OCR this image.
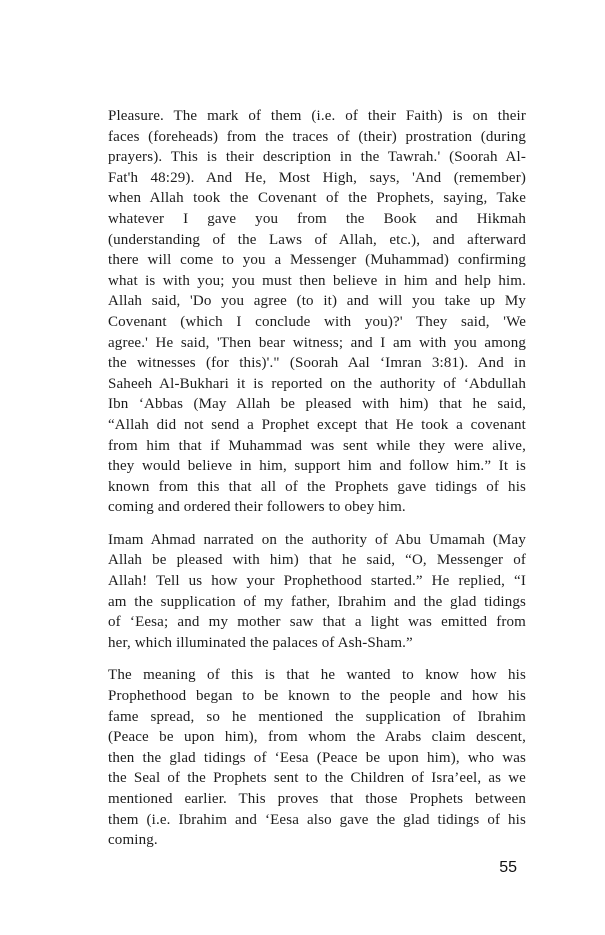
Pleasure. The mark of them (i.e. of their Faith) is on their
faces (foreheads) from the traces of (their) prostration (during
prayers). This is their description in the Tawrah.' (Soorah Al-
Fat'h 48:29). And He, Most High, says, 'And (remember)
when Allah took the Covenant of the Prophets, saying, Take
whatever I gave you from the Book and Hikmah
(understanding of the Laws of Allah, etc.), and afterward
there will come to you a Messenger (Muhammad) confirming
what is with you; you must then believe in him and help him.
Allah said, 'Do you agree (to it) and will you take up My
Covenant (which I conclude with you)?' They said, 'We
agree.' He said, 'Then bear witness; and I am with you among
the witnesses (for this)'." (Soorah Aal ‘Imran 3:81). And in
Saheeh Al-Bukhari it is reported on the authority of ‘Abdullah
Ibn ‘Abbas (May Allah be pleased with him) that he said,
“Allah did not send a Prophet except that He took a covenant
from him that if Muhammad was sent while they were alive,
they would believe in him, support him and follow him.” It is
known from this that all of the Prophets gave tidings of his
coming and ordered their followers to obey him.
Imam Ahmad narrated on the authority of Abu Umamah (May
Allah be pleased with him) that he said, “O, Messenger of
Allah! Tell us how your Prophethood started.” He replied, “I
am the supplication of my father, Ibrahim and the glad tidings
of ‘Eesa; and my mother saw that a light was emitted from
her, which illuminated the palaces of Ash-Sham.”
The meaning of this is that he wanted to know how his
Prophethood began to be known to the people and how his
fame spread, so he mentioned the supplication of Ibrahim
(Peace be upon him), from whom the Arabs claim descent,
then the glad tidings of ‘Eesa (Peace be upon him), who was
the Seal of the Prophets sent to the Children of Isra’eel, as we
mentioned earlier. This proves that those Prophets between
them (i.e. Ibrahim and ‘Eesa also gave the glad tidings of his
coming.
55
